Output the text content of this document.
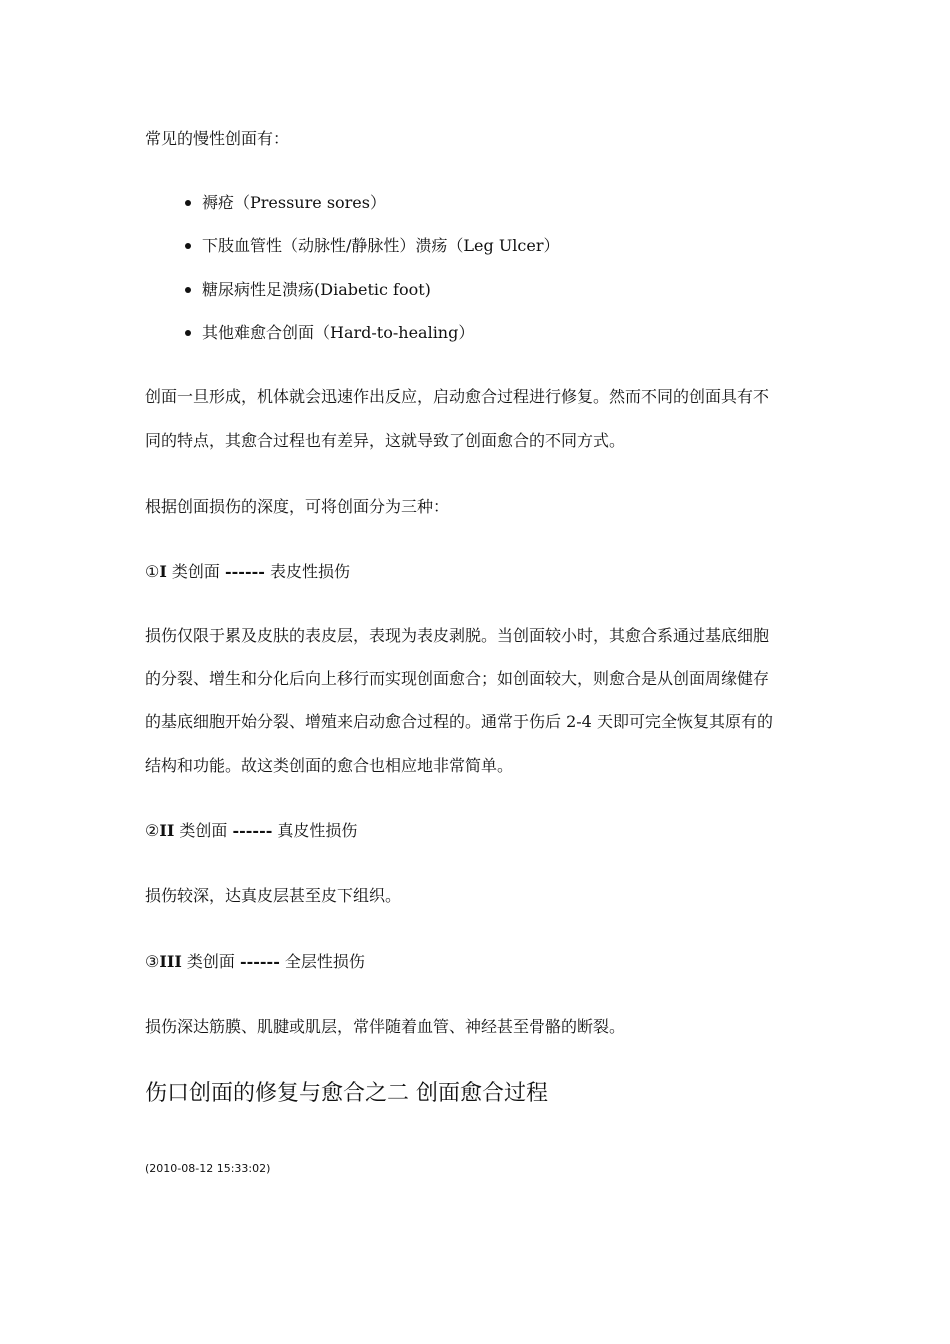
常见的慢性创面有：
褥疮（Pressure sores）
下肢血管性（动脉性/静脉性）溃疡（Leg Ulcer）
糖尿病性足溃疡(Diabetic foot)
其他难愈合创面（Hard-to-healing）
创面一旦形成，机体就会迅速作出反应，启动愈合过程进行修复。然而不同的创面具有不
同的特点，其愈合过程也有差异，这就导致了创面愈合的不同方式。
根据创面损伤的深度，可将创面分为三种：
①I 类创面 ------ 表皮性损伤
损伤仅限于累及皮肤的表皮层，表现为表皮剥脱。当创面较小时，其愈合系通过基底细胞
的分裂、增生和分化后向上移行而实现创面愈合；如创面较大，则愈合是从创面周缘健存
的基底细胞开始分裂、增殖来启动愈合过程的。通常于伤后 2-4 天即可完全恢复其原有的
结构和功能。故这类创面的愈合也相应地非常简单。
②II 类创面 ------ 真皮性损伤
损伤较深，达真皮层甚至皮下组织。
③III 类创面 ------ 全层性损伤
损伤深达筋膜、肌腱或肌层，常伴随着血管、神经甚至骨骼的断裂。
伤口创面的修复与愈合之二 创面愈合过程
(2010-08-12 15:33:02)
